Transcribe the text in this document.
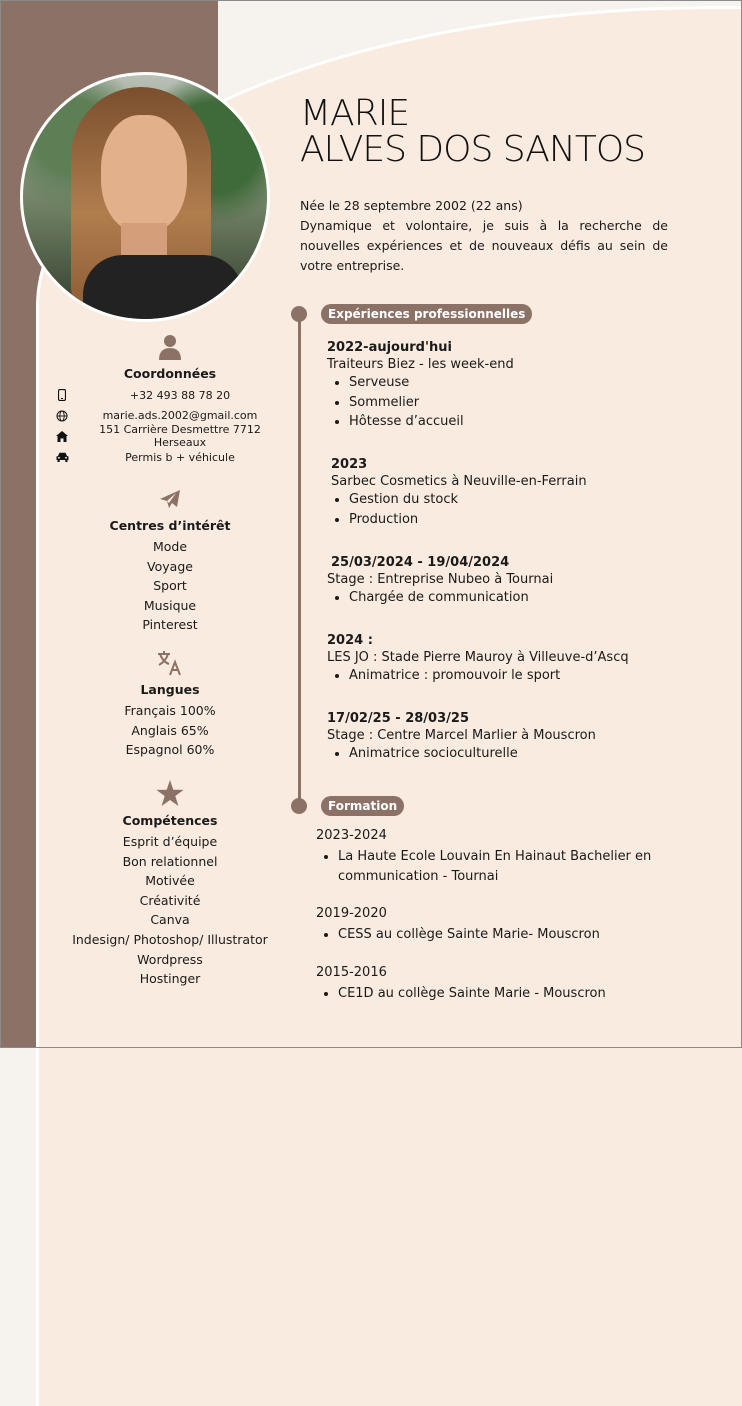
MARIE
ALVES DOS SANTOS
Née le 28 septembre 2002 (22 ans)
Dynamique et volontaire, je suis à la recherche de nouvelles expériences et de nouveaux défis au sein de votre entreprise.
Coordonnées
+32 493 88 78 20
marie.ads.2002@gmail.com
151 Carrière Desmettre 7712 Herseaux
Permis b + véhicule
Centres d’intérêt
Mode
Voyage
Sport
Musique
Pinterest
Langues
Français 100%
Anglais 65%
Espagnol 60%
Compétences
Esprit d’équipe
Bon relationnel
Motivée
Créativité
Canva
Indesign/ Photoshop/ Illustrator
Wordpress
Hostinger
Expériences professionnelles
2022-aujourd'hui
Traiteurs Biez - les week-end
• Serveuse
• Sommelier
• Hôtesse d’accueil
2023
Sarbec Cosmetics à Neuville-en-Ferrain
• Gestion du stock
• Production
25/03/2024 - 19/04/2024
Stage : Entreprise Nubeo à Tournai
• Chargée de communication
2024 :
LES JO : Stade Pierre Mauroy à Villeuve-d’Ascq
• Animatrice : promouvoir le sport
17/02/25 - 28/03/25
Stage : Centre Marcel Marlier à Mouscron
• Animatrice socioculturelle
Formation
2023-2024
• La Haute Ecole Louvain En Hainaut Bachelier en communication - Tournai
2019-2020
• CESS au collège Sainte Marie- Mouscron
2015-2016
• CE1D au collège Sainte Marie - Mouscron
